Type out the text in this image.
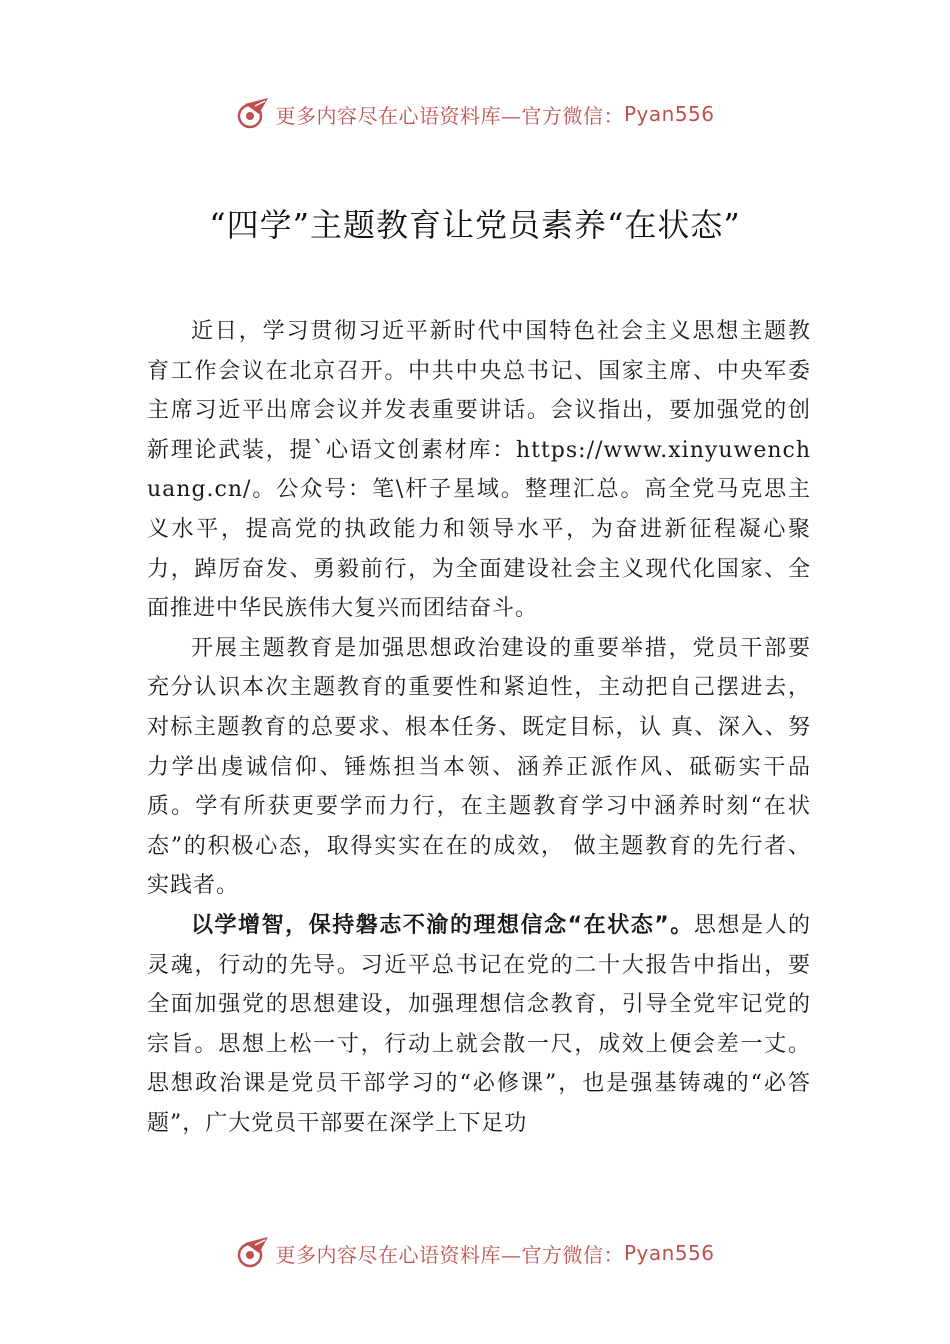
更多内容尽在心语资料库—官方微信： Pyan556
“四学”主题教育让党员素养“在状态”

近日，学习贯彻习近平新时代中国特色社会主义思想主题教育工作会议在北京召开。中共中央总书记、国家主席、中央军委主席习近平出席会议并发表重要讲话。会议指出，要加强党的创新理论武装，提`心语文创素材库：https://www.xinyuwenchuang.cn/。公众号：笔\杆子星域。整理汇总。高全党马克思主义水平，提高党的执政能力和领导水平，为奋进新征程凝心聚力，踔厉奋发、勇毅前行，为全面建设社会主义现代化国家、全面推进中华民族伟大复兴而团结奋斗。

开展主题教育是加强思想政治建设的重要举措，党员干部要充分认识本次主题教育的重要性和紧迫性，主动把自己摆进去，对标主题教育的总要求、根本任务、既定目标，认 真、深入、努力学出虔诚信仰、锤炼担当本领、涵养正派作风、砥砺实干品质。学有所获更要学而力行，在主题教育学习中涵养时刻“在状态”的积极心态，取得实实在在的成效， 做主题教育的先行者、实践者。

以学增智，保持磐志不渝的理想信念“在状态”。思想是人的灵魂，行动的先导。习近平总书记在党的二十大报告中指出，要全面加强党的思想建设，加强理想信念教育，引导全党牢记党的宗旨。思想上松一寸，行动上就会散一尺，成效上便会差一丈。思想政治课是党员干部学习的“必修课”，也是强基铸魂的“必答题”，广大党员干部要在深学上下足功

更多内容尽在心语资料库—官方微信： Pyan556
